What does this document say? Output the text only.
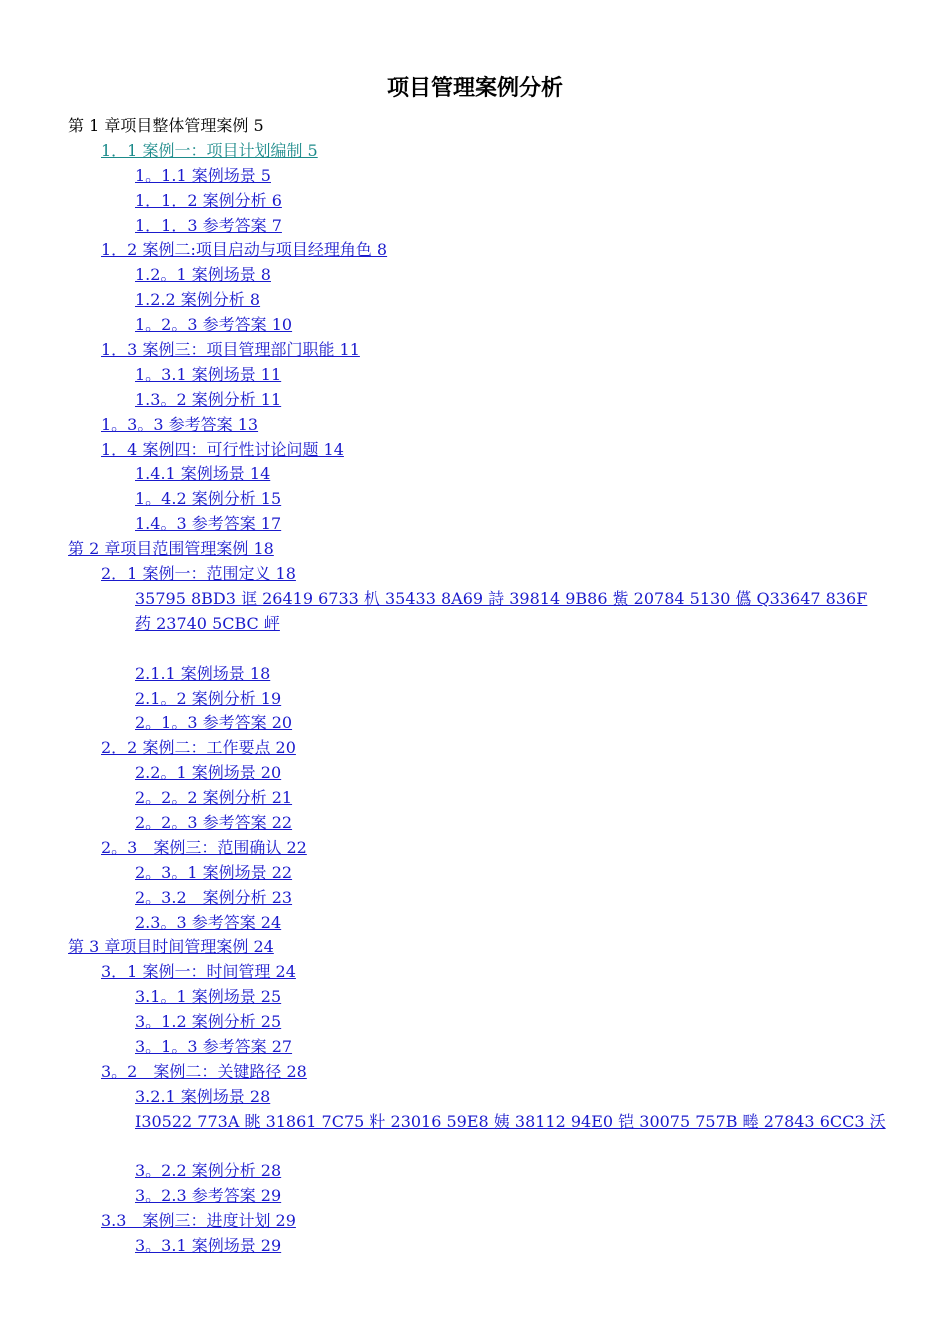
项目管理案例分析
第 1 章项目整体管理案例 5
1．1 案例一：项目计划编制 5
1。1.1 案例场景 5
1．1．2 案例分析 6
1．1．3 参考答案 7
1．2 案例二:项目启动与项目经理角色 8
1.2。1 案例场景 8
1.2.2 案例分析 8
1。2。3 参考答案 10
1．3 案例三：项目管理部门职能 11
1。3.1 案例场景 11
1.3。2 案例分析 11
1。3。3 参考答案 13
1．4 案例四：可行性讨论问题 14
1.4.1 案例场景 14
1。4.2 案例分析 15
1.4。3 参考答案 17
第 2 章项目范围管理案例 18
2．1 案例一：范围定义 18
35795 8BD3 诓 26419 6733 朳 35433 8A69 詩 39814 9B86 鮆 20784 5130 儰 Q33647 836F 药 23740 5CBC 岼
2.1.1 案例场景 18
2.1。2 案例分析 19
2。1。3 参考答案 20
2．2 案例二：工作要点 20
2.2。1 案例场景 20
2。2。2 案例分析 21
2。2。3 参考答案 22
2。3　案例三：范围确认 22
2。3。1 案例场景 22
2。3.2　案例分析 23
2.3。3 参考答案 24
第 3 章项目时间管理案例 24
3．1 案例一：时间管理 24
3.1。1 案例场景 25
3。1.2 案例分析 25
3。1。3 参考答案 27
3。2　案例二：关键路径 28
3.2.1 案例场景 28
I30522 773A 眺 31861 7C75 籵 23016 59E8 姨 38112 94E0 铠 30075 757B 畻 27843 6CC3 沃
3。2.2 案例分析 28
3。2.3 参考答案 29
3.3　案例三：进度计划 29
3。3.1 案例场景 29
